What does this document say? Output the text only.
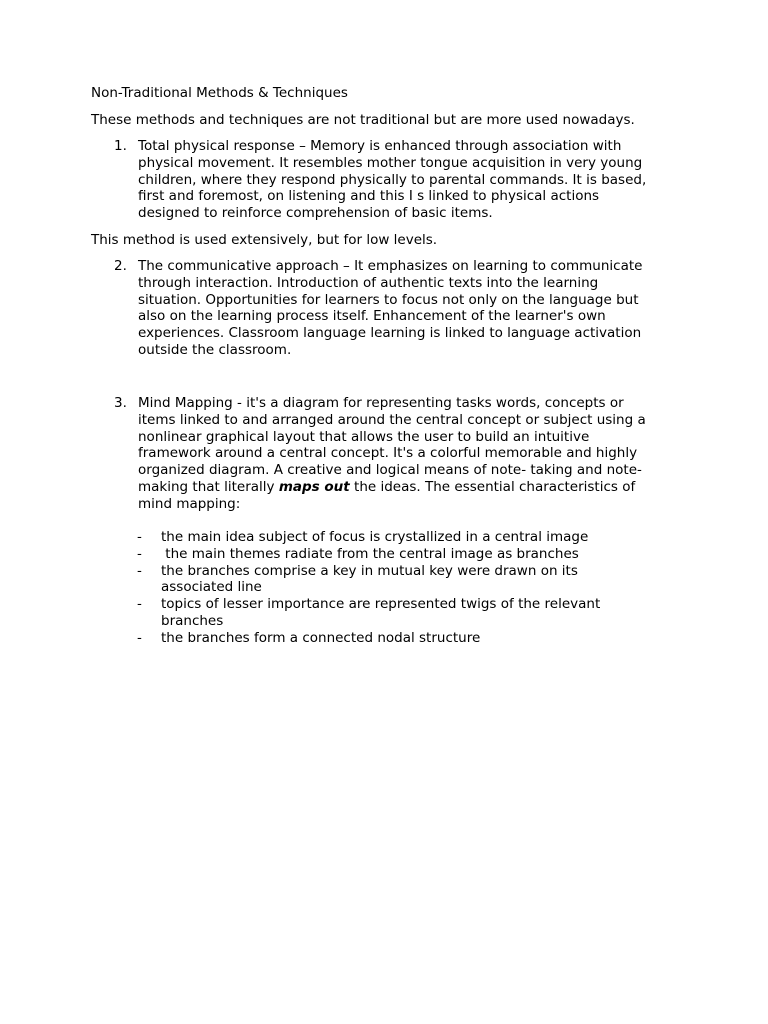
Non-Traditional Methods & Techniques

These methods and techniques are not traditional but are more used nowadays.

1. Total physical response – Memory is enhanced through association with
physical movement. It resembles mother tongue acquisition in very young
children, where they respond physically to parental commands. It is based,
first and foremost, on listening and this I s linked to physical actions
designed to reinforce comprehension of basic items.

This method is used extensively, but for low levels.

2. The communicative approach – It emphasizes on learning to communicate
through interaction. Introduction of authentic texts into the learning
situation. Opportunities for learners to focus not only on the language but
also on the learning process itself. Enhancement of the learner's own
experiences. Classroom language learning is linked to language activation
outside the classroom.
3. Mind Mapping - it's a diagram for representing tasks words, concepts or
items linked to and arranged around the central concept or subject using a
nonlinear graphical layout that allows the user to build an intuitive
framework around a central concept. It's a colorful memorable and highly
organized diagram. A creative and logical means of note- taking and note-
making that literally maps out the ideas. The essential characteristics of
mind mapping:
- the main idea subject of focus is crystallized in a central image
- the main themes radiate from the central image as branches
- the branches comprise a key in mutual key were drawn on its
associated line
- topics of lesser importance are represented twigs of the relevant
branches
- the branches form a connected nodal structure
